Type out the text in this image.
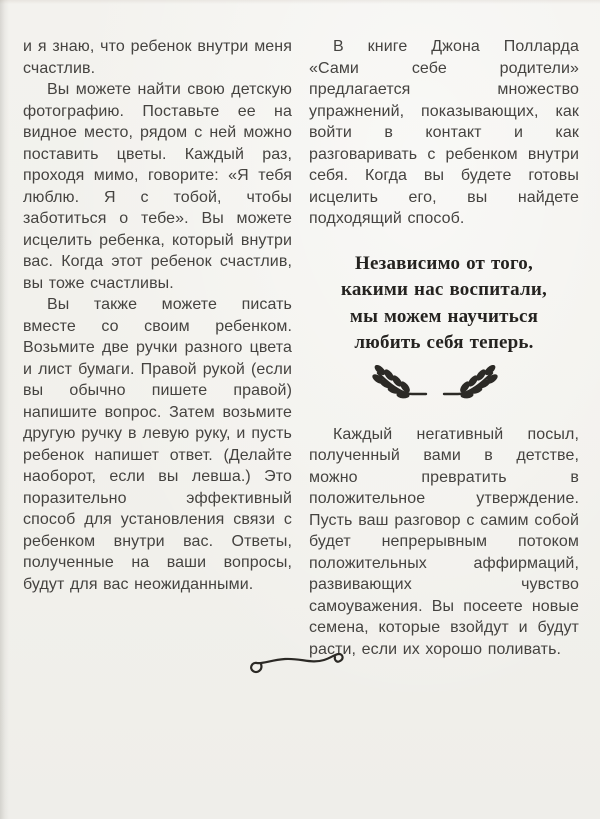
и я знаю, что ребенок внутри меня счастлив.

Вы можете найти свою детскую фотографию. Поставьте ее на видное место, рядом с ней можно поставить цветы. Каждый раз, проходя мимо, говорите: «Я тебя люблю. Я с тобой, чтобы заботиться о тебе». Вы можете исцелить ребенка, который внутри вас. Когда этот ребенок счастлив, вы тоже счастливы.

Вы также можете писать вместе со своим ребенком. Возьмите две ручки разного цвета и лист бумаги. Правой рукой (если вы обычно пишете правой) напишите вопрос. Затем возьмите другую ручку в левую руку, и пусть ребенок напишет ответ. (Делайте наоборот, если вы левша.) Это поразительно эффективный способ для установления связи с ребенком внутри вас. Ответы, полученные на ваши вопросы, будут для вас неожиданными.

В книге Джона Полларда «Сами себе родители» предлагается множество упражнений, показывающих, как войти в контакт и как разговаривать с ребенком внутри себя. Когда вы будете готовы исцелить его, вы найдете подходящий способ.

Независимо от того,
какими нас воспитали,
мы можем научиться
любить себя теперь.

Каждый негативный посыл, полученный вами в детстве, можно превратить в положительное утверждение. Пусть ваш разговор с самим собой будет непрерывным потоком положительных аффирмаций, развивающих чувство самоуважения. Вы посеете новые семена, которые взойдут и будут расти, если их хорошо поливать.
